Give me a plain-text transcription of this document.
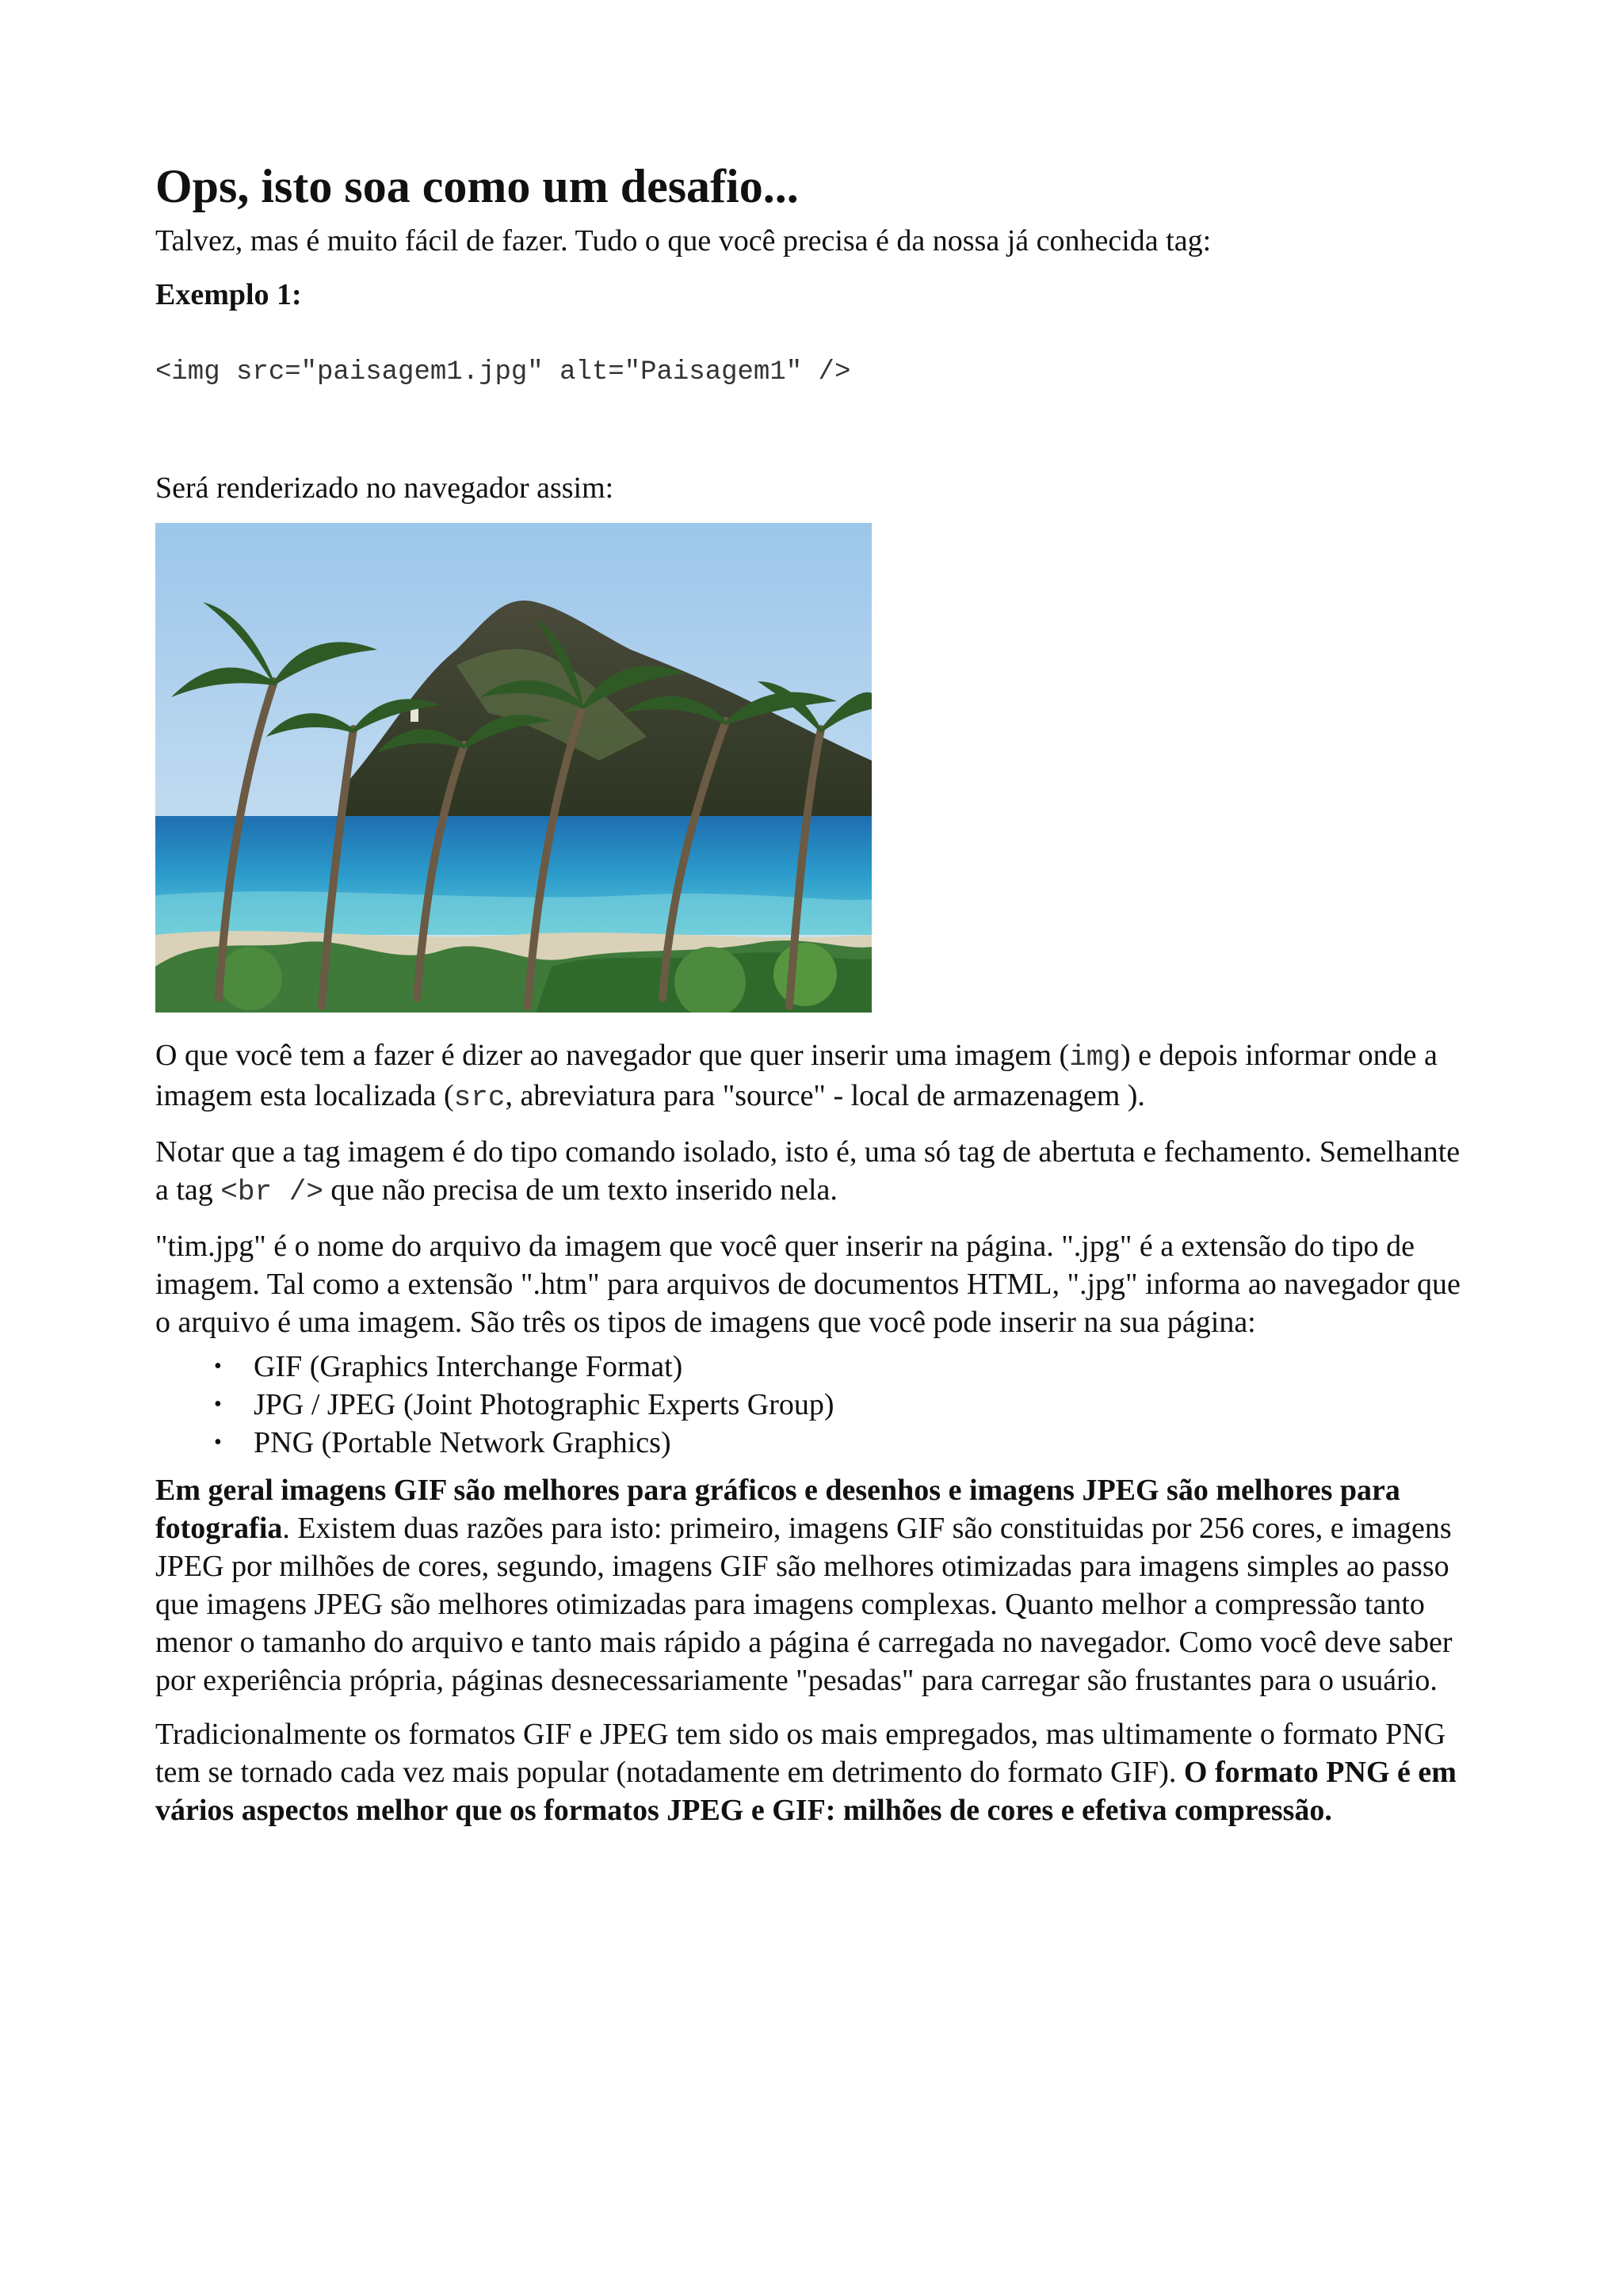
Ops, isto soa como um desafio...

Talvez, mas é muito fácil de fazer. Tudo o que você precisa é da nossa já conhecida tag:

Exemplo 1:

<img src="paisagem1.jpg" alt="Paisagem1" />

Será renderizado no navegador assim:

O que você tem a fazer é dizer ao navegador que quer inserir uma imagem (img) e depois informar onde a imagem esta localizada (src, abreviatura para "source" - local de armazenagem ).

Notar que a tag imagem é do tipo comando isolado, isto é, uma só tag de abertuta e fechamento. Semelhante a tag <br /> que não precisa de um texto inserido nela.

"tim.jpg" é o nome do arquivo da imagem que você quer inserir na página. ".jpg" é a extensão do tipo de imagem. Tal como a extensão ".htm" para arquivos de documentos HTML, ".jpg" informa ao navegador que o arquivo é uma imagem. São três os tipos de imagens que você pode inserir na sua página:

• GIF (Graphics Interchange Format)
• JPG / JPEG (Joint Photographic Experts Group)
• PNG (Portable Network Graphics)

Em geral imagens GIF são melhores para gráficos e desenhos e imagens JPEG são melhores para fotografia. Existem duas razões para isto: primeiro, imagens GIF são constituidas por 256 cores, e imagens JPEG por milhões de cores, segundo, imagens GIF são melhores otimizadas para imagens simples ao passo que imagens JPEG são melhores otimizadas para imagens complexas. Quanto melhor a compressão tanto menor o tamanho do arquivo e tanto mais rápido a página é carregada no navegador. Como você deve saber por experiência própria, páginas desnecessariamente "pesadas" para carregar são frustantes para o usuário.

Tradicionalmente os formatos GIF e JPEG tem sido os mais empregados, mas ultimamente o formato PNG tem se tornado cada vez mais popular (notadamente em detrimento do formato GIF). O formato PNG é em vários aspectos melhor que os formatos JPEG e GIF: milhões de cores e efetiva compressão.
